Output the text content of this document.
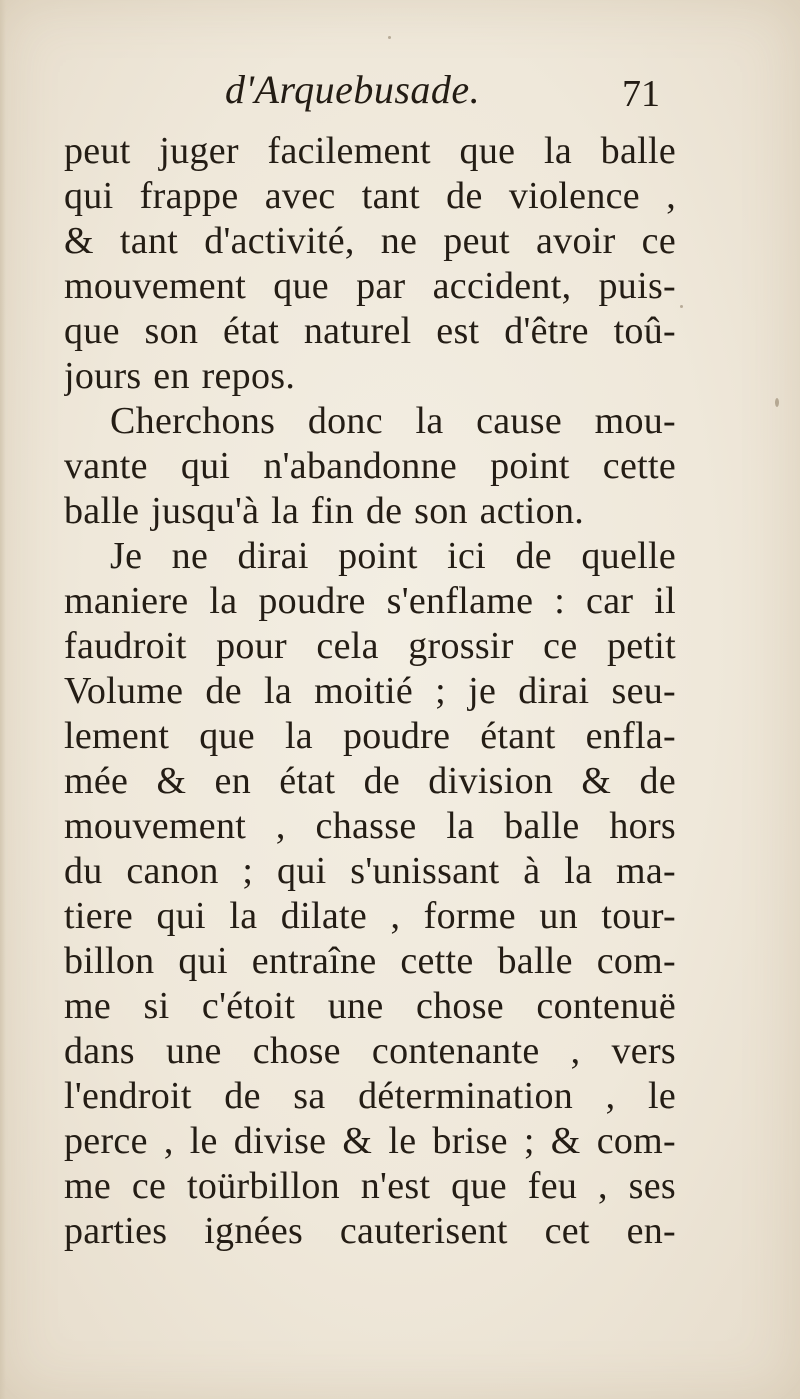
d'Arquebusade.	71
peut juger facilement que la balle
qui frappe avec tant de violence ,
& tant d'activité, ne peut avoir ce
mouvement que par accident, puis-
que son état naturel est d'être toû-
jours en repos.
Cherchons donc la cause mou-
vante qui n'abandonne point cette
balle jusqu'à la fin de son action.
Je ne dirai point ici de quelle
maniere la poudre s'enflame : car il
faudroit pour cela grossir ce petit
Volume de la moitié ; je dirai seu-
lement que la poudre étant enfla-
mée & en état de division & de
mouvement , chasse la balle hors
du canon ; qui s'unissant à la ma-
tiere qui la dilate , forme un tour-
billon qui entraîne cette balle com-
me si c'étoit une chose contenuë
dans une chose contenante , vers
l'endroit de sa détermination , le
perce , le divise & le brise ; & com-
me ce toürbillon n'est que feu , ses
parties ignées cauterisent cet en-
